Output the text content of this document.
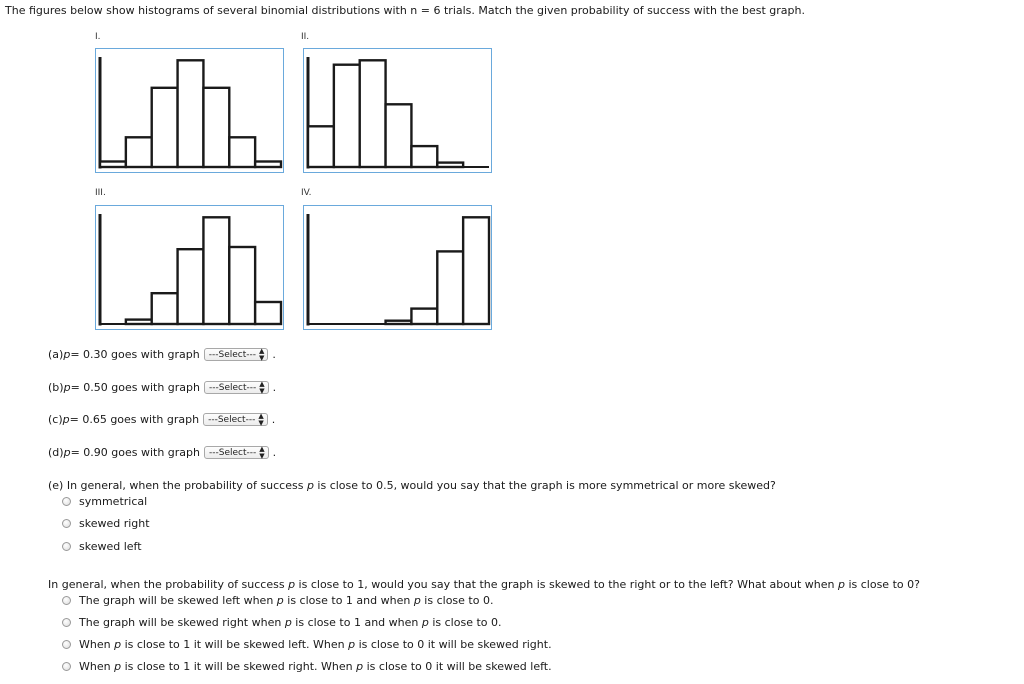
The figures below show histograms of several binomial distributions with n = 6 trials. Match the given probability of success with the best graph.
I.	II.
III.	IV.
(a) p = 0.30 goes with graph ---Select--- ▲
▼ .
(b) p = 0.50 goes with graph ---Select--- ▲
▼ .
(c) p = 0.65 goes with graph ---Select--- ▲
▼ .
(d) p = 0.90 goes with graph ---Select--- ▲
▼ .
(e) In general, when the probability of success p is close to 0.5, would you say that the graph is more symmetrical or more skewed?
symmetrical
skewed right
skewed left
In general, when the probability of success p is close to 1, would you say that the graph is skewed to the right or to the left? What about when p is close to 0?
The graph will be skewed left when p is close to 1 and when p is close to 0.
The graph will be skewed right when p is close to 1 and when p is close to 0.
When p is close to 1 it will be skewed left. When p is close to 0 it will be skewed right.
When p is close to 1 it will be skewed right. When p is close to 0 it will be skewed left.
